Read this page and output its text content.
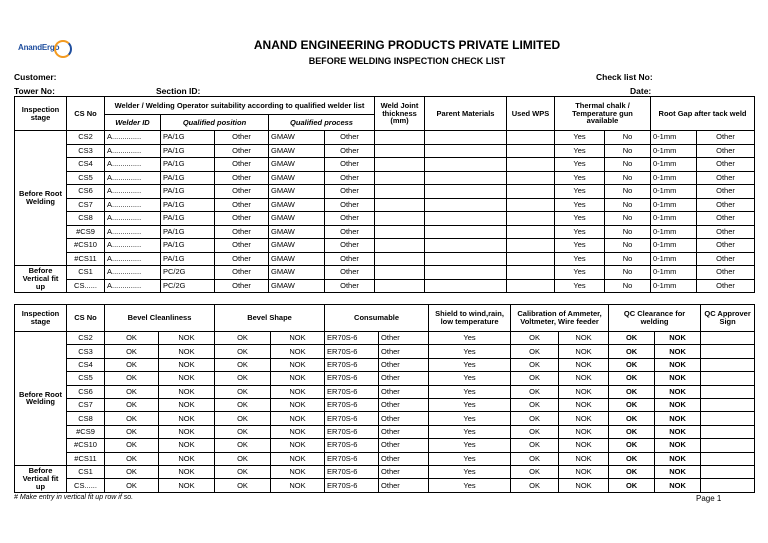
AnandErgo	ANAND ENGINEERING PRODUCTS PRIVATE LIMITED
BEFORE WELDING INSPECTION CHECK LIST
Customer:
Tower No:	Section ID:
Check list No:
Date:
Inspection stage	CS No	Welder / Welding Operator suitability according to qualified welder list					Weld Joint thickness (mm)	Parent Materials	Used WPS	Thermal chalk / Temperature gun available		Root Gap after tack weld	
		Welder ID	Qualified position		Qualified process								
Before Root Welding	CS2	A..............	PA/1G	Other	GMAW	Other				Yes	No	0-1mm	Other
	CS3	A..............	PA/1G	Other	GMAW	Other				Yes	No	0-1mm	Other
	CS4	A..............	PA/1G	Other	GMAW	Other				Yes	No	0-1mm	Other
	CS5	A..............	PA/1G	Other	GMAW	Other				Yes	No	0-1mm	Other
	CS6	A..............	PA/1G	Other	GMAW	Other				Yes	No	0-1mm	Other
	CS7	A..............	PA/1G	Other	GMAW	Other				Yes	No	0-1mm	Other
	CS8	A..............	PA/1G	Other	GMAW	Other				Yes	No	0-1mm	Other
	#CS9	A..............	PA/1G	Other	GMAW	Other				Yes	No	0-1mm	Other
	#CS10	A..............	PA/1G	Other	GMAW	Other				Yes	No	0-1mm	Other
	#CS11	A..............	PA/1G	Other	GMAW	Other				Yes	No	0-1mm	Other
Before Vertical fit up	CS1	A..............	PC/2G	Other	GMAW	Other				Yes	No	0-1mm	Other
	CS......	A..............	PC/2G	Other	GMAW	Other				Yes	No	0-1mm	Other
Inspection stage	CS No	Bevel Cleanliness		Bevel Shape		Consumable		Shield to wind,rain, low temperature	Calibration of Ammeter, Voltmeter, Wire feeder		QC Clearance for welding		QC Approver Sign
Before Root Welding	CS2	OK	NOK	OK	NOK	ER70S-6	Other	Yes	OK	NOK	OK	NOK	
	CS3	OK	NOK	OK	NOK	ER70S-6	Other	Yes	OK	NOK	OK	NOK	
	CS4	OK	NOK	OK	NOK	ER70S-6	Other	Yes	OK	NOK	OK	NOK	
	CS5	OK	NOK	OK	NOK	ER70S-6	Other	Yes	OK	NOK	OK	NOK	
	CS6	OK	NOK	OK	NOK	ER70S-6	Other	Yes	OK	NOK	OK	NOK	
	CS7	OK	NOK	OK	NOK	ER70S-6	Other	Yes	OK	NOK	OK	NOK	
	CS8	OK	NOK	OK	NOK	ER70S-6	Other	Yes	OK	NOK	OK	NOK	
	#CS9	OK	NOK	OK	NOK	ER70S-6	Other	Yes	OK	NOK	OK	NOK	
	#CS10	OK	NOK	OK	NOK	ER70S-6	Other	Yes	OK	NOK	OK	NOK	
	#CS11	OK	NOK	OK	NOK	ER70S-6	Other	Yes	OK	NOK	OK	NOK	
Before Vertical fit up	CS1	OK	NOK	OK	NOK	ER70S-6	Other	Yes	OK	NOK	OK	NOK	
	CS......	OK	NOK	OK	NOK	ER70S-6	Other	Yes	OK	NOK	OK	NOK	
# Make entry in vertical fit up row if so.	Page 1
